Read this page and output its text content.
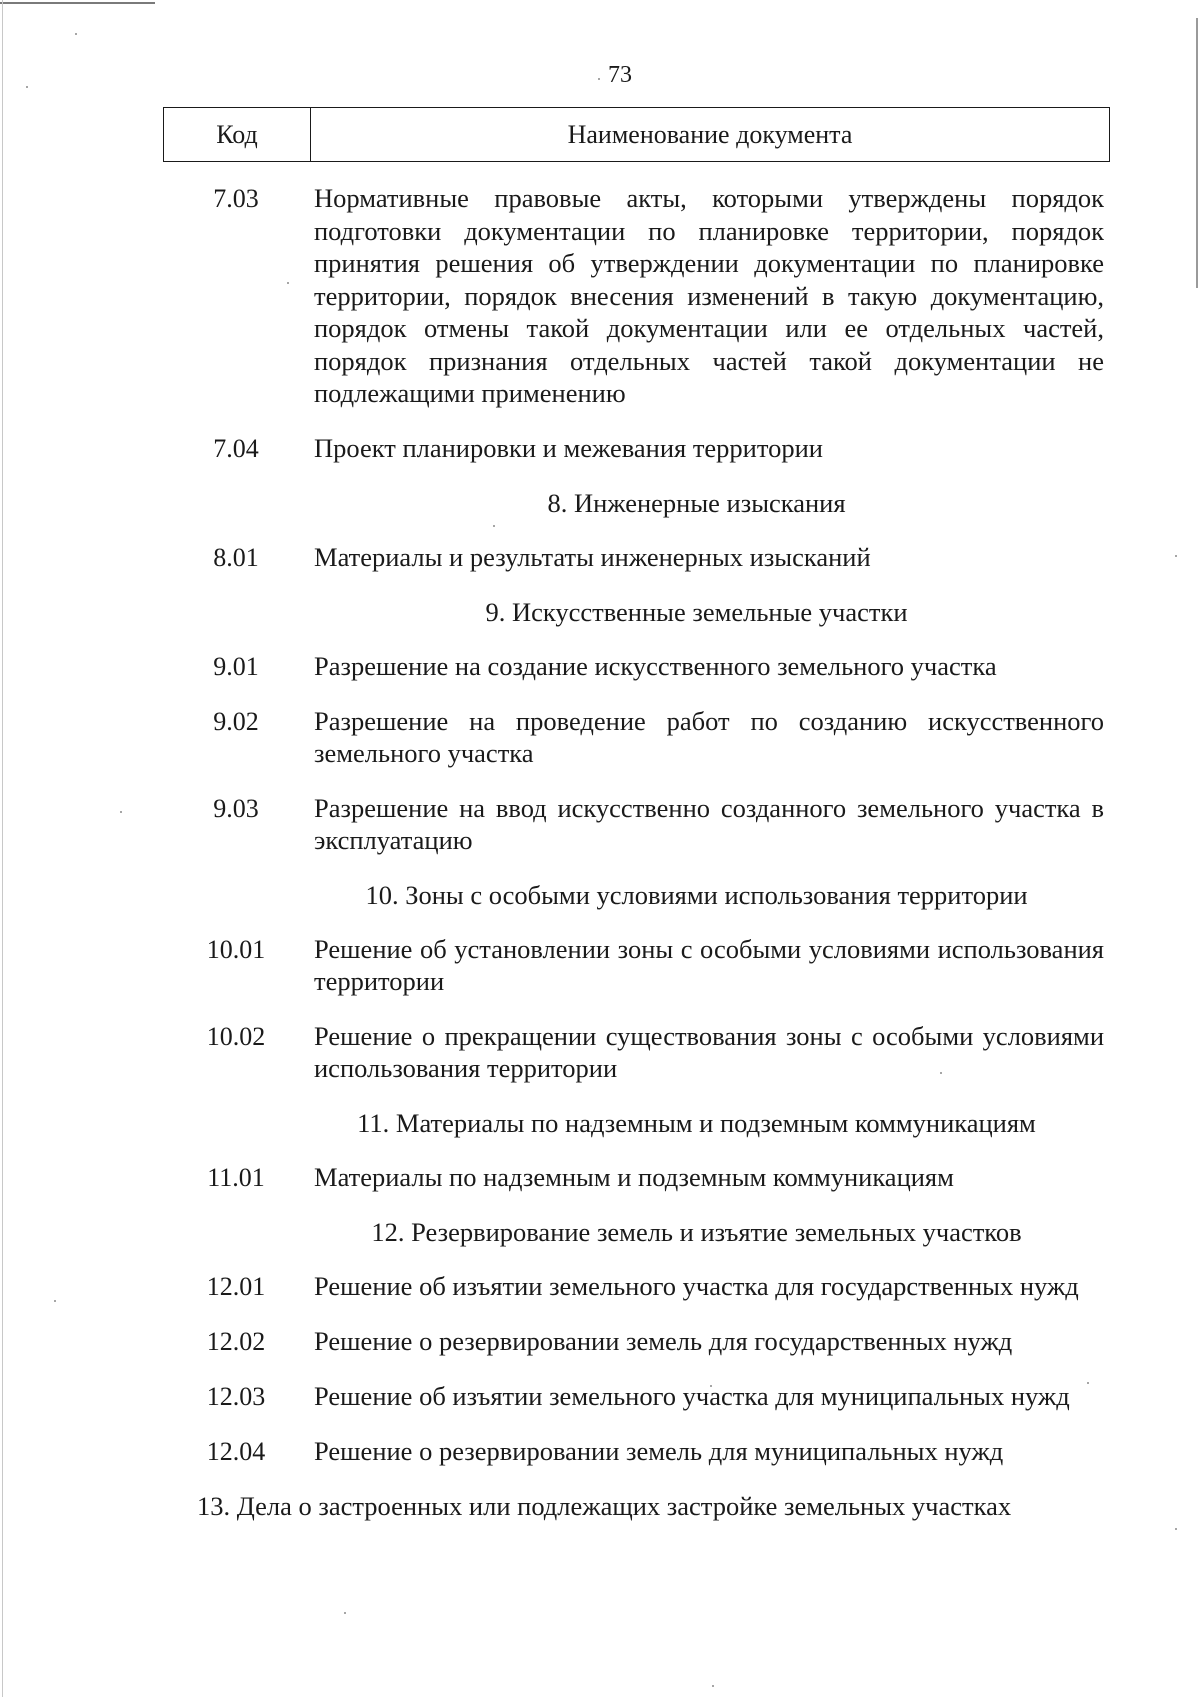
73
Код	Наименование документа
7.03	Нормативные правовые акты, которыми утверждены порядок подготовки документации по планировке территории, порядок принятия решения об утверждении документации по планировке территории, порядок внесения изменений в такую документацию, порядок отмены такой документации или ее отдельных частей, порядок признания отдельных частей такой документации не подлежащими применению
7.04	Проект планировки и межевания территории
8. Инженерные изыскания
8.01	Материалы и результаты инженерных изысканий
9. Искусственные земельные участки
9.01	Разрешение на создание искусственного земельного участка
9.02	Разрешение на проведение работ по созданию искусственного земельного участка
9.03	Разрешение на ввод искусственно созданного земельного участка в эксплуатацию
10. Зоны с особыми условиями использования территории
10.01	Решение об установлении зоны с особыми условиями использования территории
10.02	Решение о прекращении существования зоны с особыми условиями использования территории
11. Материалы по надземным и подземным коммуникациям
11.01	Материалы по надземным и подземным коммуникациям
12. Резервирование земель и изъятие земельных участков
12.01	Решение об изъятии земельного участка для государственных нужд
12.02	Решение о резервировании земель для государственных нужд
12.03	Решение об изъятии земельного участка для муниципальных нужд
12.04	Решение о резервировании земель для муниципальных нужд
13. Дела о застроенных или подлежащих застройке земельных участках
